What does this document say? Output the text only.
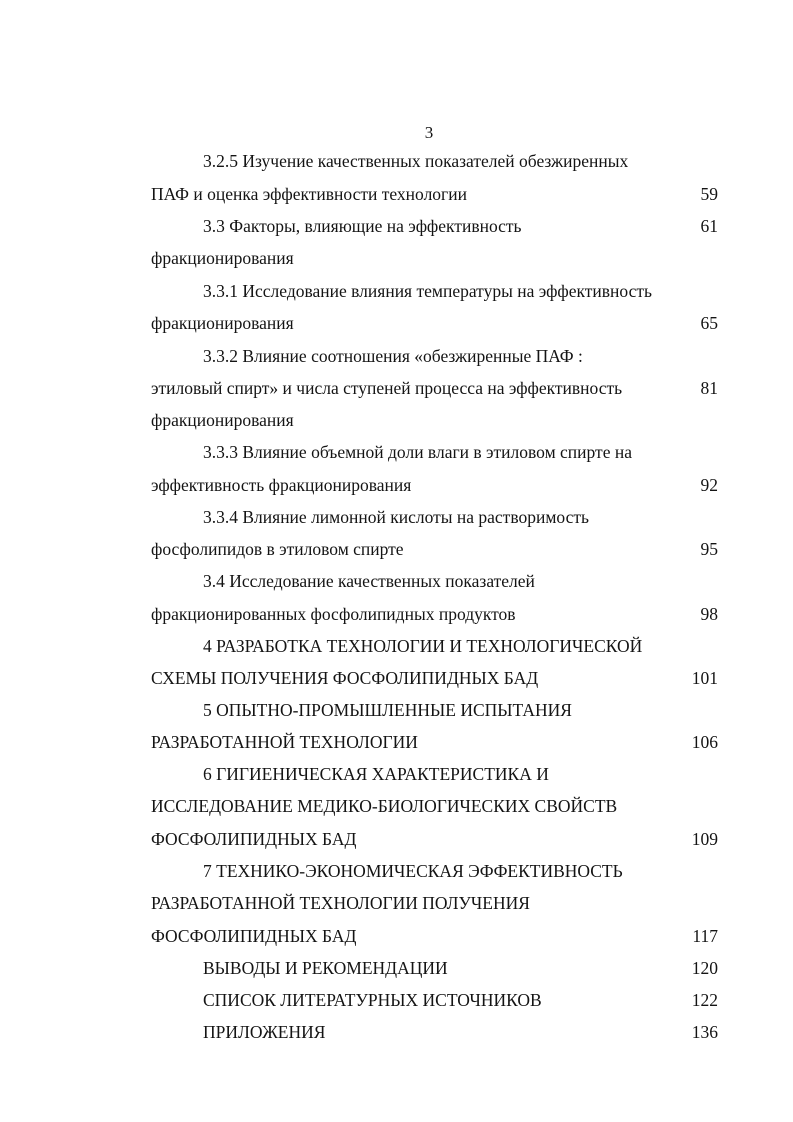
3
3.2.5 Изучение качественных показателей обезжиренных
ПАФ и оценка эффективности технологии	59
3.3 Факторы, влияющие на эффективность	61
фракционирования
3.3.1 Исследование влияния температуры на эффективность
фракционирования	65
3.3.2 Влияние соотношения «обезжиренные ПАФ :
этиловый спирт» и числа ступеней процесса на эффективность	81
фракционирования
3.3.3 Влияние объемной доли влаги в этиловом спирте на
эффективность фракционирования	92
3.3.4 Влияние лимонной кислоты на растворимость
фосфолипидов в этиловом спирте	95
3.4 Исследование качественных показателей
фракционированных фосфолипидных продуктов	98
4 РАЗРАБОТКА ТЕХНОЛОГИИ И ТЕХНОЛОГИЧЕСКОЙ
СХЕМЫ ПОЛУЧЕНИЯ ФОСФОЛИПИДНЫХ БАД	101
5 ОПЫТНО-ПРОМЫШЛЕННЫЕ ИСПЫТАНИЯ
РАЗРАБОТАННОЙ ТЕХНОЛОГИИ	106
6 ГИГИЕНИЧЕСКАЯ ХАРАКТЕРИСТИКА И
ИССЛЕДОВАНИЕ МЕДИКО-БИОЛОГИЧЕСКИХ СВОЙСТВ
ФОСФОЛИПИДНЫХ БАД	109
7 ТЕХНИКО-ЭКОНОМИЧЕСКАЯ ЭФФЕКТИВНОСТЬ
РАЗРАБОТАННОЙ ТЕХНОЛОГИИ ПОЛУЧЕНИЯ
ФОСФОЛИПИДНЫХ БАД	117
ВЫВОДЫ И РЕКОМЕНДАЦИИ	120
СПИСОК ЛИТЕРАТУРНЫХ ИСТОЧНИКОВ	122
ПРИЛОЖЕНИЯ	136
